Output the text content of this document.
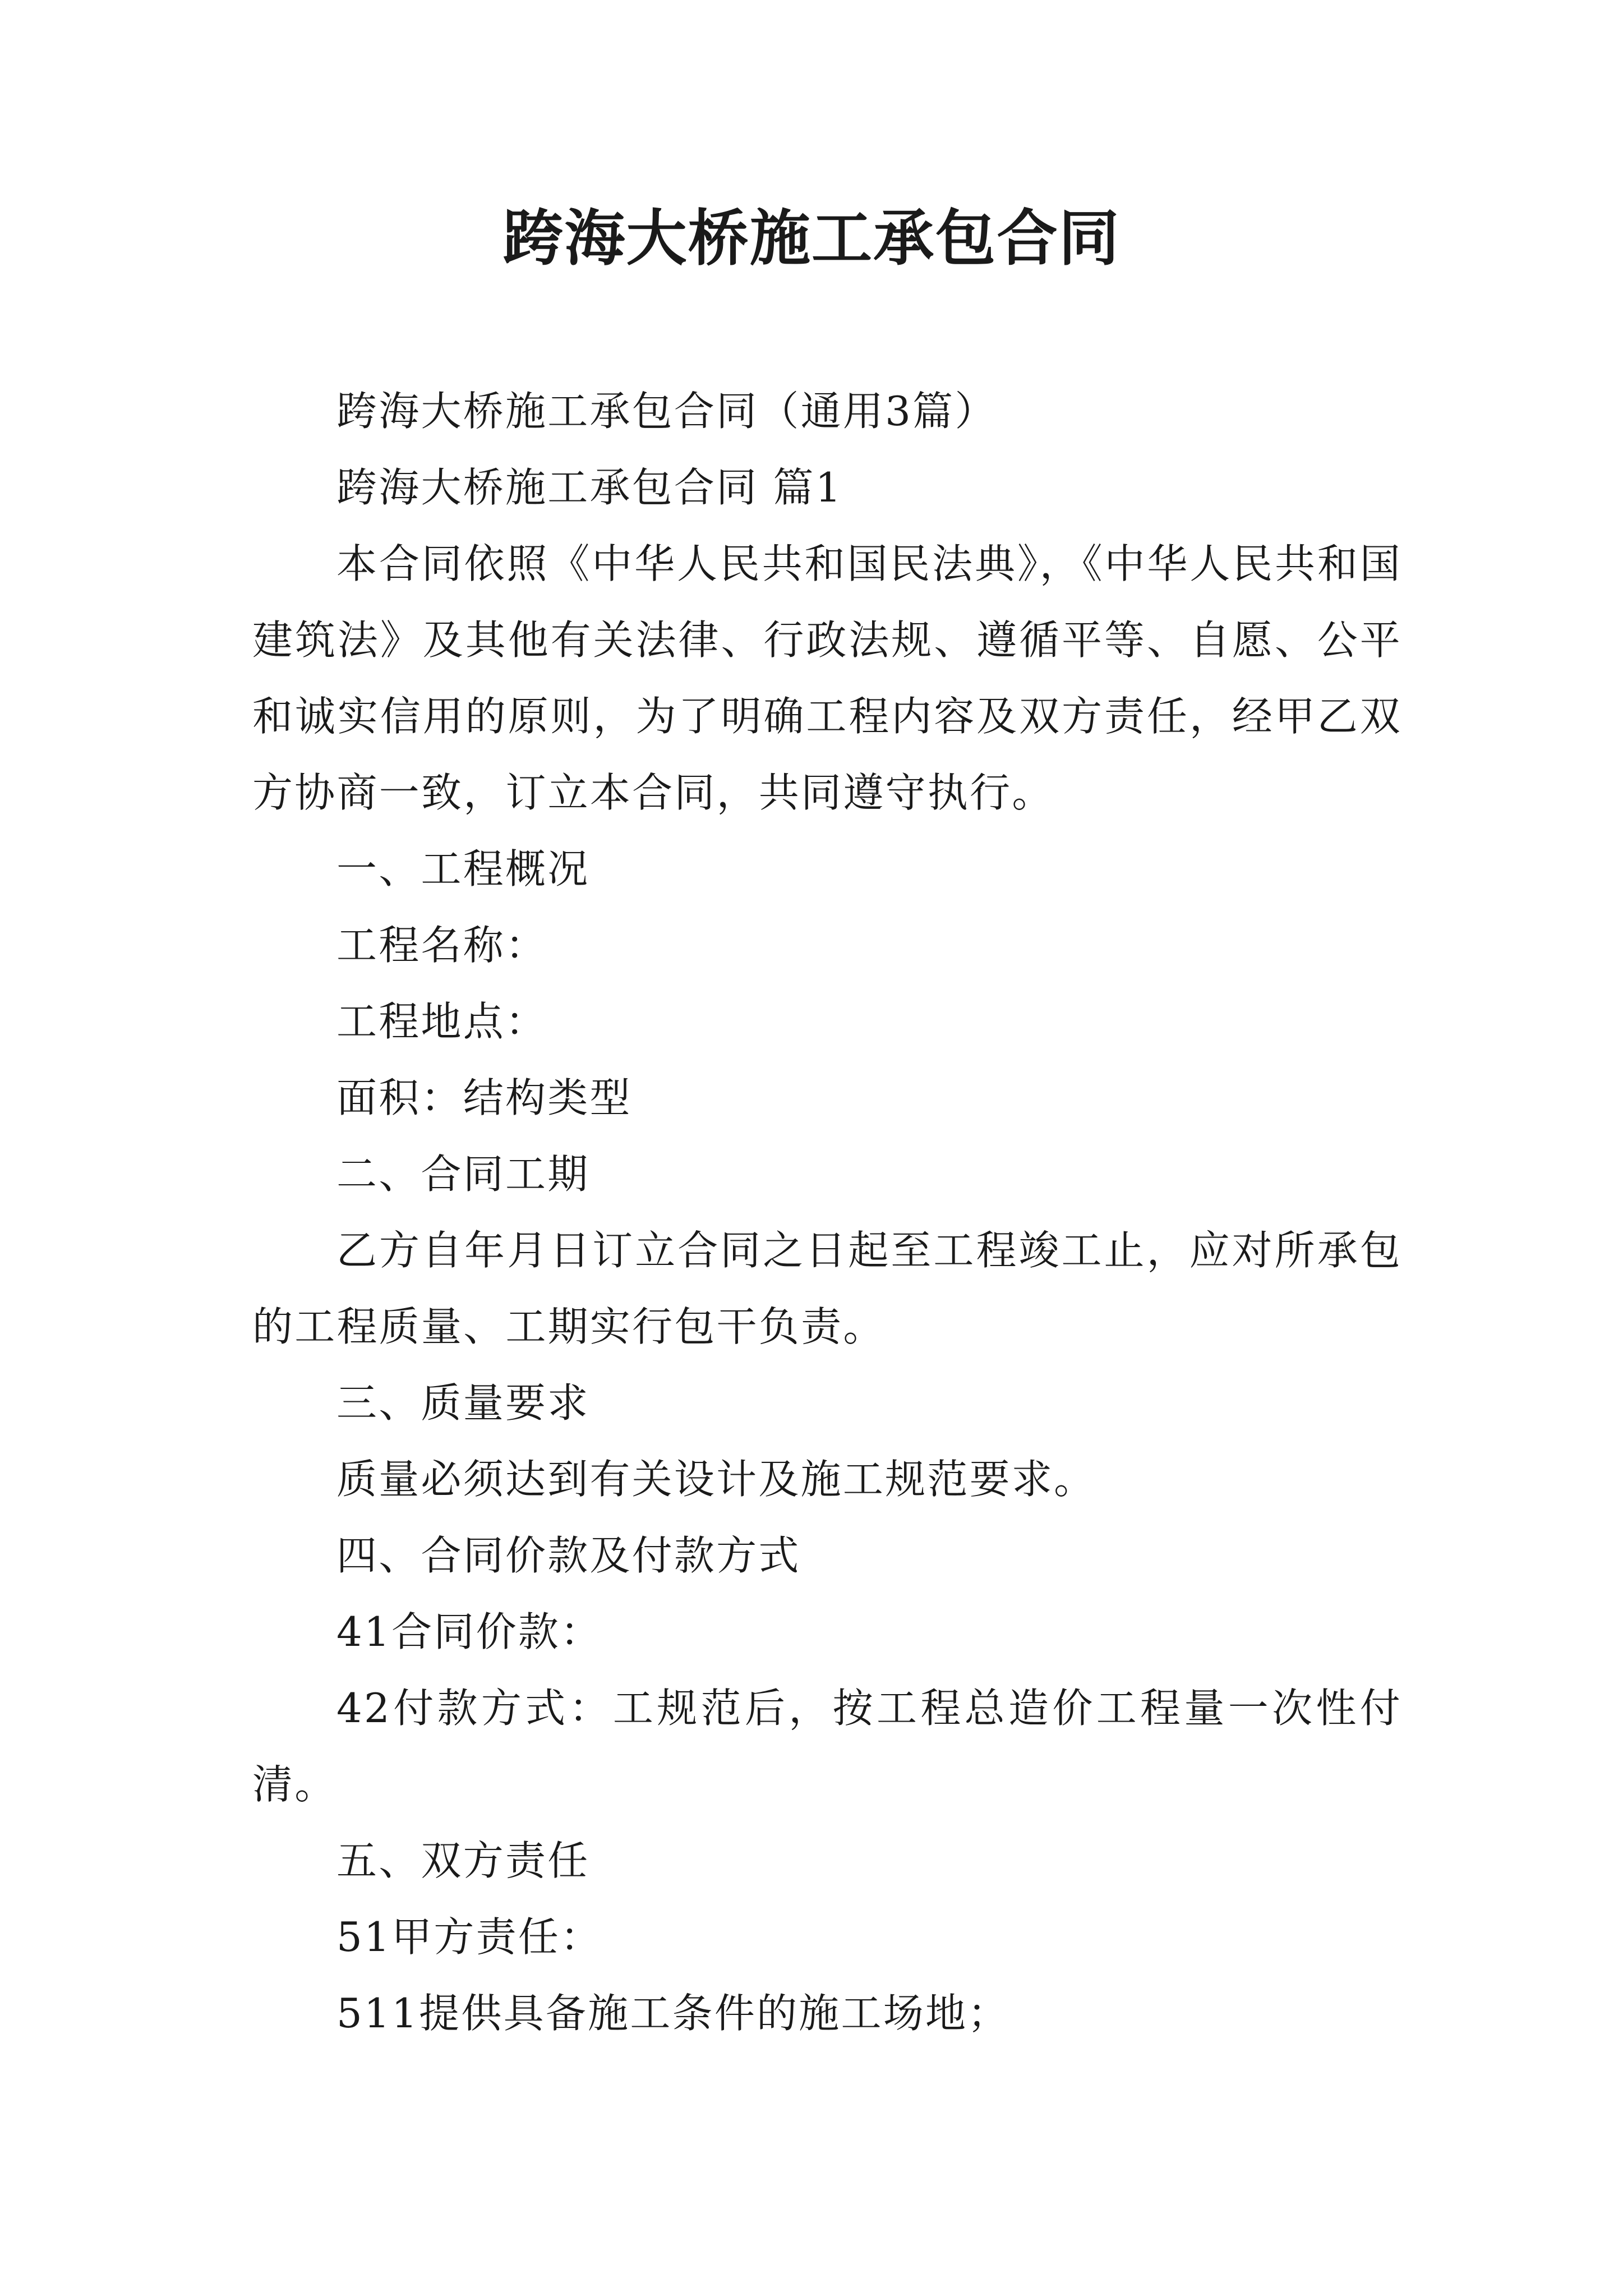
跨海大桥施工承包合同

跨海大桥施工承包合同（通用3篇）

跨海大桥施工承包合同 篇1

本合同依照《中华人民共和国民法典》，《中华人民共和国建筑法》及其他有关法律、行政法规、遵循平等、自愿、公平和诚实信用的原则，为了明确工程内容及双方责任，经甲乙双方协商一致，订立本合同，共同遵守执行。

一、工程概况

工程名称：

工程地点：

面积：结构类型

二、合同工期

乙方自年月日订立合同之日起至工程竣工止，应对所承包的工程质量、工期实行包干负责。

三、质量要求

质量必须达到有关设计及施工规范要求。

四、合同价款及付款方式

41合同价款：

42付款方式：工规范后，按工程总造价工程量一次性付清。

五、双方责任

51甲方责任：

511提供具备施工条件的施工场地；
